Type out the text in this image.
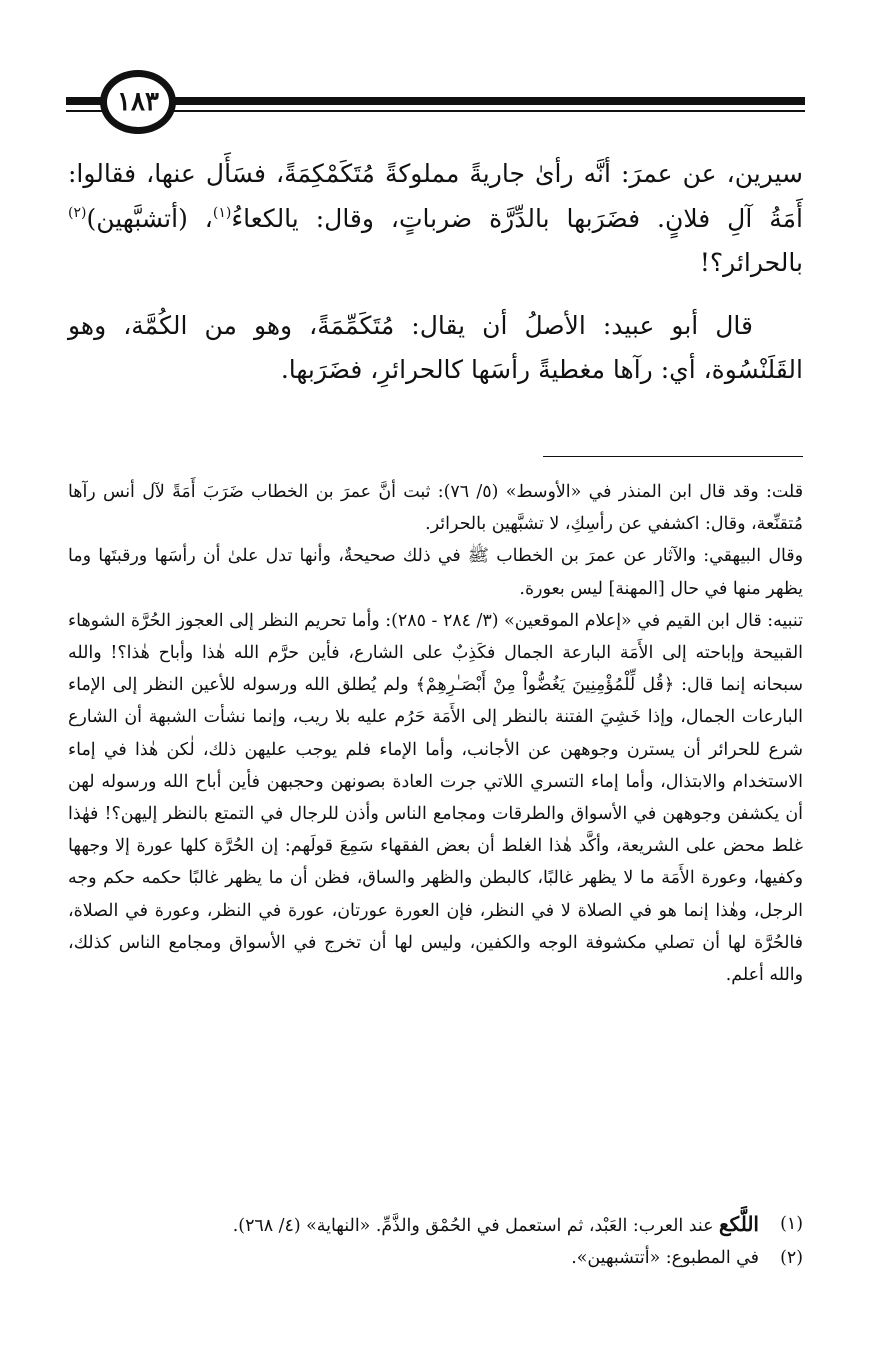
١٨٣

سيرين، عن عمرَ: أنَّه رأىٰ جاريةً مملوكةً مُتَكَمْكِمَةً، فسَأَل عنها، فقالوا: أَمَةُ آلِ فلانٍ. فضَرَبها بالدِّرَّة ضرباتٍ، وقال: يالكعاءُ$^{(١)}$، (أتشبَّهين)$^{(٢)}$ بالحرائر؟!

قال أبو عبيد: الأصلُ أن يقال: مُتَكَمِّمَةً، وهو من الكُمَّة، وهو القَلَنْسُوة، أي: رآها مغطيةً رأسَها كالحرائرِ، فضَرَبها.

قلت: وقد قال ابن المنذر في «الأوسط» (٥/ ٧٦): ثبت أنَّ عمرَ بن الخطاب ضَرَبَ أَمَةً لآل أنس رآها مُتقنِّعة، وقال: اكشفي عن رأسِكِ، لا تشبَّهين بالحرائر.

وقال البيهقي: والآثار عن عمرَ بن الخطاب ﷺ في ذلك صحيحةٌ، وأنها تدل علىٰ أن رأسَها ورقبتَها وما يظهر منها في حال [المهنة] ليس بعورة.

تنبيه: قال ابن القيم في «إعلام الموقعين» (٣/ ٢٨٤ - ٢٨٥): وأما تحريم النظر إلى العجوز الحُرَّة الشوهاء القبيحة وإباحته إلى الأَمَة البارعة الجمال فكَذِبٌ على الشارع، فأين حرَّم الله هٰذا وأباح هٰذا؟! والله سبحانه إنما قال: ﴿قُل لِّلْمُؤْمِنِينَ يَغُضُّواْ مِنْ أَبْصَـٰرِهِمْ﴾ ولم يُطلق الله ورسوله للأعين النظر إلى الإماء البارعات الجمال، وإذا خَشِيَ الفتنة بالنظر إلى الأَمَة حَرُم عليه بلا ريب، وإنما نشأت الشبهة أن الشارع شرع للحرائر أن يسترن وجوههن عن الأجانب، وأما الإماء فلم يوجب عليهن ذلك، لٰكن هٰذا في إماء الاستخدام والابتذال، وأما إماء التسري اللاتي جرت العادة بصونهن وحجبهن فأين أباح الله ورسوله لهن أن يكشفن وجوههن في الأسواق والطرقات ومجامع الناس وأذن للرجال في التمتع بالنظر إليهن؟! فهٰذا غلط محض على الشريعة، وأكَّد هٰذا الغلط أن بعض الفقهاء سَمِعَ قولَهم: إن الحُرَّة كلها عورة إلا وجهها وكفيها، وعورة الأَمَة ما لا يظهر غالبًا، كالبطن والظهر والساق، فظن أن ما يظهر غالبًا حكمه حكم وجه الرجل، وهٰذا إنما هو في الصلاة لا في النظر، فإن العورة عورتان، عورة في النظر، وعورة في الصلاة، فالحُرَّة لها أن تصلي مكشوفة الوجه والكفين، وليس لها أن تخرج في الأسواق ومجامع الناس كذلك، والله أعلم.

(١)
اللَّكع عند العرب: العَبْد، ثم استعمل في الحُمْق والذَّمِّ. «النهاية» (٤/ ٢٦٨).
(٢)
في المطبوع: «أتتشبهين».
